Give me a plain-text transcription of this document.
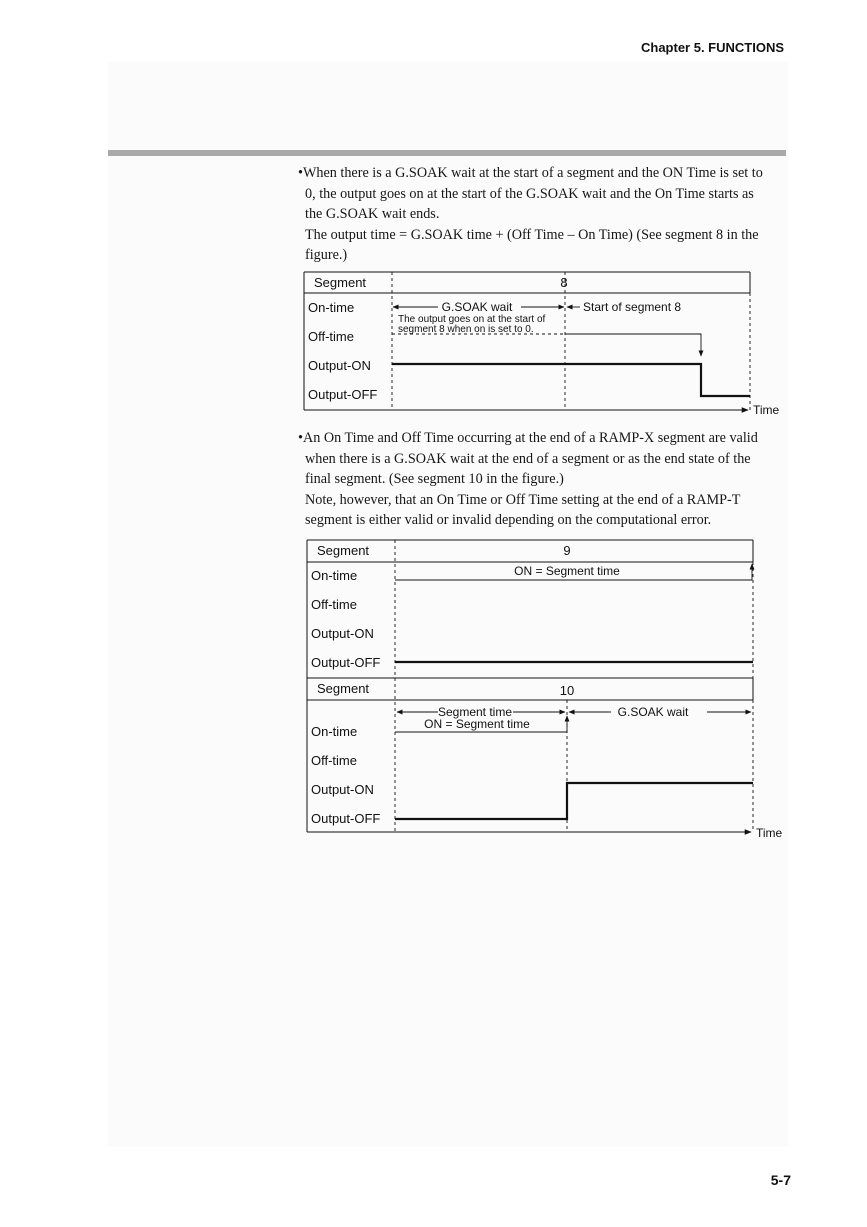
Chapter 5. FUNCTIONS

•When there is a G.SOAK wait at the start of a segment and the ON Time is set to

0, the output goes on at the start of the G.SOAK wait and the On Time starts as

the G.SOAK wait ends.

The output time = G.SOAK time + (Off Time – On Time) (See segment 8 in the

figure.)

Segment
On-time
Off-time
Output-ON
Output-OFF
8
G.SOAK wait	Start of segment 8
The output goes on at the start of
segment 8 when on is set to 0.
Time

•An On Time and Off Time occurring at the end of a RAMP-X segment are valid

when there is a G.SOAK wait at the end of a segment or as the end state of the

final segment. (See segment 10 in the figure.)

Note, however, that an On Time or Off Time setting at the end of a RAMP-T

segment is either valid or invalid depending on the computational error.

Segment
On-time
Off-time
Output-ON
Output-OFF
9
ON = Segment time
Segment
On-time
Off-time
Output-ON
Output-OFF
10
Segment time
ON = Segment time
G.SOAK wait
Time
5-7
